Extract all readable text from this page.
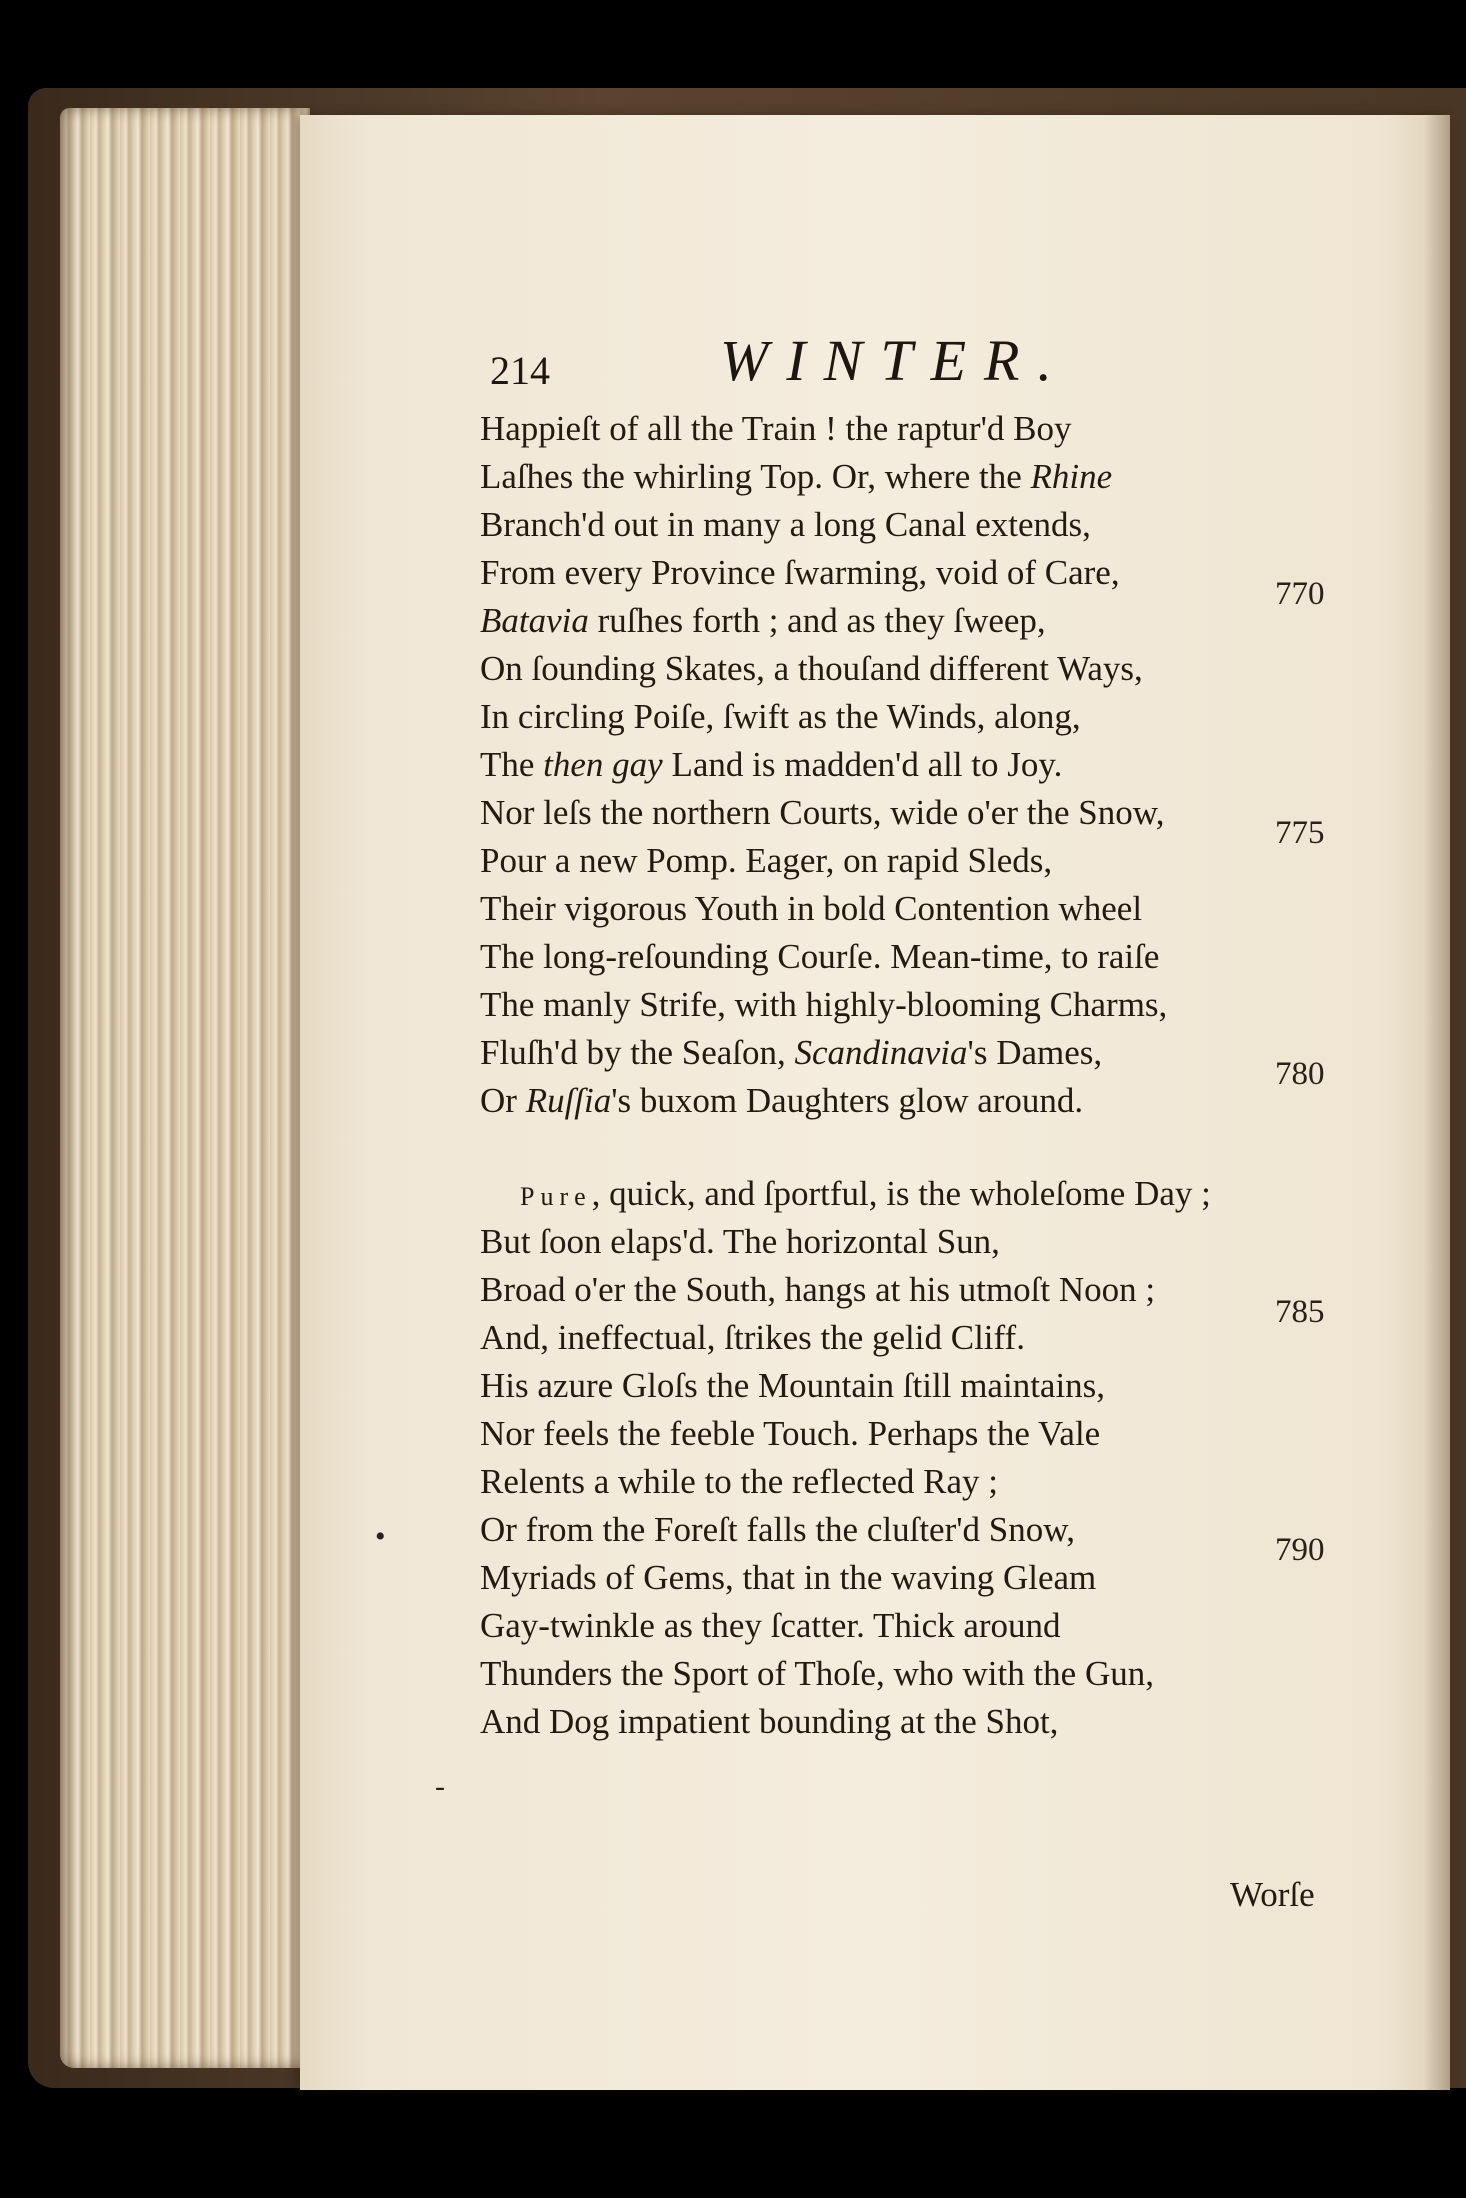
214	WINTER.
Happieſt of all the Train ! the raptur'd Boy
Laſhes the whirling Top. Or, where the Rhine
Branch'd out in many a long Canal extends,
From every Province ſwarming, void of Care,
Batavia ruſhes forth ; and as they ſweep,
On ſounding Skates, a thouſand different Ways,
In circling Poiſe, ſwift as the Winds, along,
The then gay Land is madden'd all to Joy.
Nor leſs the northern Courts, wide o'er the Snow,
Pour a new Pomp. Eager, on rapid Sleds,
Their vigorous Youth in bold Contention wheel
The long-reſounding Courſe. Mean-time, to raiſe
The manly Strife, with highly-blooming Charms,
Fluſh'd by the Seaſon, Scandinavia's Dames,
Or Ruſſia's buxom Daughters glow around.
Pure, quick, and ſportful, is the wholeſome Day ;
But ſoon elaps'd. The horizontal Sun,
Broad o'er the South, hangs at his utmoſt Noon ;
And, ineffectual, ſtrikes the gelid Cliff.
His azure Gloſs the Mountain ſtill maintains,
Nor feels the feeble Touch. Perhaps the Vale
Relents a while to the reflected Ray ;
Or from the Foreſt falls the cluſter'd Snow,
Myriads of Gems, that in the waving Gleam
Gay-twinkle as they ſcatter. Thick around
Thunders the Sport of Thoſe, who with the Gun,
And Dog impatient bounding at the Shot,
770
775
780
785
790
Worſe
•
-
